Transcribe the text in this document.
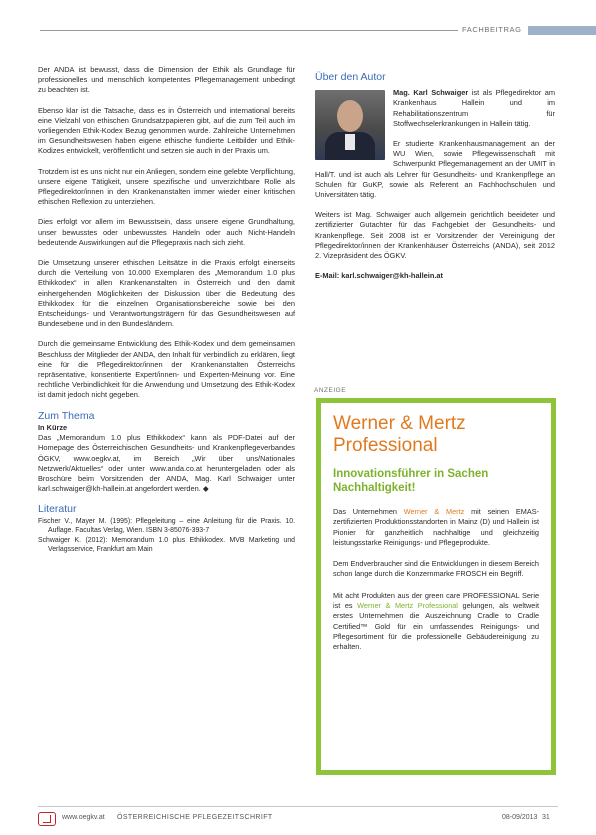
FACHBEITRAG

Der ANDA ist bewusst, dass die Dimension der Ethik als Grundlage für professionelles und menschlich kompetentes Pflegemanagement unbedingt zu beachten ist.

Ebenso klar ist die Tatsache, dass es in Österreich und international bereits eine Vielzahl von ethischen Grundsatzpapieren gibt, auf die zum Teil auch im vorliegenden Ethik-Kodex Bezug genommen wurde. Zahlreiche Unternehmen im Gesundheitswesen haben eigene ethische fundierte Leitbilder und Ethik-Kodizes entwickelt, veröffentlicht und setzen sie auch in der Praxis um.

Trotzdem ist es uns nicht nur ein Anliegen, sondern eine gelebte Verpflichtung, unsere eigene Tätigkeit, unsere spezifische und unverzichtbare Rolle als Pflegedirektor/innen in den Krankenanstalten immer wieder einer kritischen ethischen Reflexion zu unterziehen.

Dies erfolgt vor allem im Bewusstsein, dass unsere eigene Grundhaltung, unser bewusstes oder unbewusstes Handeln oder auch Nicht-Handeln bedeutende Auswirkungen auf die Pflegepraxis nach sich zieht.

Die Umsetzung unserer ethischen Leitsätze in die Praxis erfolgt einerseits durch die Verteilung von 10.000 Exemplaren des „Memorandum 1.0 plus Ethikkodex“ in allen Krankenanstalten in Österreich und den damit einhergehenden Möglichkeiten der Diskussion über die Bedeutung des Ethikkodex für die einzelnen Organisationsbereiche sowie bei den Entscheidungs- und Verantwortungsträgern für das Gesundheitswesen auf Bundesebene und in den Bundesländern.

Durch die gemeinsame Entwicklung des Ethik-Kodex und dem gemeinsamen Beschluss der Mitglieder der ANDA, den Inhalt für verbindlich zu erklären, liegt eine für die Pflegedirektor/innen der Krankenanstalten Österreichs repräsentative, konsentierte Expert/innen- und Experten-Meinung vor. Eine rechtliche Verbindlichkeit für die Anwendung und Umsetzung des Ethik-Kodex ist damit jedoch nicht gegeben.

Zum Thema
In Kürze

Das „Memorandum 1.0 plus Ethikkodex“ kann als PDF-Datei auf der Homepage des Österreichischen Gesundheits- und Krankenpflegeverbandes ÖGKV, www.oegkv.at, im Bereich „Wir über uns/Nationales Netzwerk/Aktuelles“ oder unter www.anda.co.at heruntergeladen oder als Broschüre beim Vorsitzenden der ANDA, Mag. Karl Schwaiger unter karl.schwaiger@kh-hallein.at angefordert werden. ◆

Literatur
Fischer V., Mayer M. (1995): Pflegeleitung – eine Anleitung für die Praxis. 10. Auflage. Facultas Verlag, Wien. ISBN 3-85076-393-7
Schwaiger K. (2012): Memorandum 1.0 plus Ethikkodex. MVB Marketing und Verlagsservice, Frankfurt am Main
Über den Autor

Mag. Karl Schwaiger ist als Pflegedirektor am Krankenhaus Hallein und im Rehabilitationszentrum für Stoffwechselerkrankungen in Hallein tätig.

Er studierte Krankenhausmanagement an der WU Wien, sowie Pflegewissenschaft mit Schwerpunkt Pflegemanagement an der UMIT in Hall/T. und ist auch als Lehrer für Gesundheits- und Krankenpflege an Schulen für GuKP, sowie als Referent an Fachhochschulen und Universitäten tätig.

Weiters ist Mag. Schwaiger auch allgemein gerichtlich beeideter und zertifizierter Gutachter für das Fachgebiet der Gesundheits- und Krankenpflege. Seit 2008 ist er Vorsitzender der Vereinigung der Pflegedirektor/innen der Krankenhäuser Österreichs (ANDA), seit 2012 2. Vizepräsident des ÖGKV.

E-Mail: karl.schwaiger@kh-hallein.at
ANZEIGE
Werner & Mertz Professional
Innovationsführer in Sachen Nachhaltigkeit!

Das Unternehmen Werner & Mertz mit seinen EMAS-zertifizierten Produktionsstandorten in Mainz (D) und Hallein ist Pionier für ganzheitlich nachhaltige und gleichzeitig leistungsstarke Reinigungs- und Pflegeprodukte.

Dem Endverbraucher sind die Entwicklungen in diesem Bereich schon lange durch die Konzernmarke FROSCH ein Begriff.

Mit acht Produkten aus der green care PROFESSIONAL Serie ist es Werner & Mertz Professional gelungen, als weltweit erstes Unternehmen die Auszeichnung Cradle to Cradle Certified™ Gold für ein umfassendes Reinigungs- und Pflegesortiment für die professionelle Gebäudereinigung zu erhalten.

www.oegkv.at ÖSTERREICHISCHE PFLEGEZEITSCHRIFT	08-09/2013 31
